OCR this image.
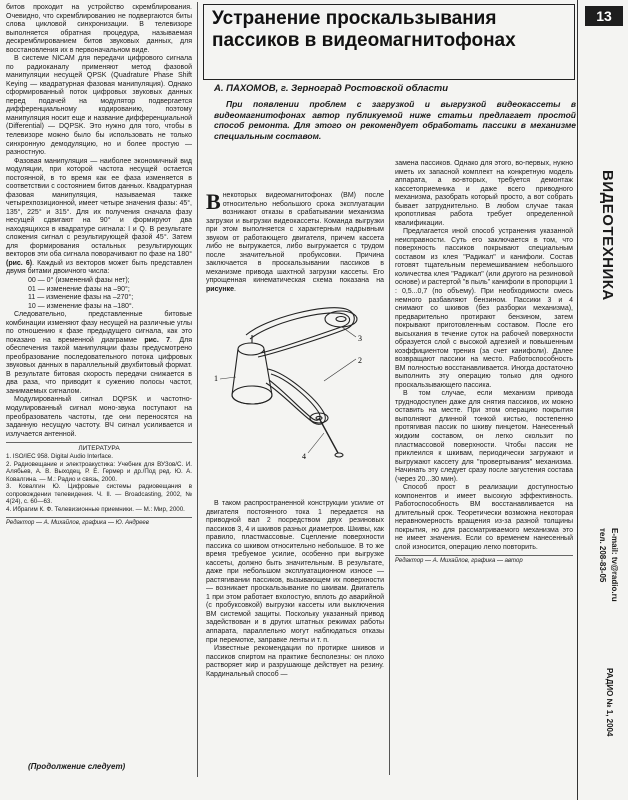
битов проходит на устройство скремблирования. Очевидно, что скремблированию не подвергаются биты слова цикловой синхронизации. В телевизоре выполняется обратная процедура, называемая дескремблированием битов звуковых данных, для восстановления их в первоначальном виде.

В системе NICAM для передачи цифрового сигнала по радиоканалу применяют метод фазовой манипуляции несущей QPSK (Quadrature Phase Shift Keying — квадратурная фазовая манипуляция). Однако сформированный поток цифровых звуковых данных перед подачей на модулятор подвергается дифференциальному кодированию, поэтому манипуляция носит еще и название дифференциальной (Differential) — DQPSK. Это нужно для того, чтобы в телевизоре можно было бы использовать не только синхронную демодуляцию, но и более простую — разностную.

Фазовая манипуляция — наиболее экономичный вид модуляции, при которой частота несущей остается постоянной, в то время как ее фаза изменяется в соответствии с состоянием битов данных. Квадратурная фазовая манипуляция, называемая также четырехпозиционной, имеет четыре значения фазы: 45°, 135°, 225° и 315°. Для их получения сначала фазу несущей сдвигают на 90° и формируют два находящихся в квадратуре сигнала: I и Q. В результате сложения сигнал с результирующей фазой 45°. Затем для формирования остальных результирующих векторов эти оба сигнала поворачивают по фазе на 180° (рис. 6). Каждый из векторов может быть представлен двумя битами двоичного числа:

00 — 0° (изменений фазы нет);

01 — изменение фазы на –90°;

11 — изменение фазы на –270°;

10 — изменение фазы на –180°.

Следовательно, представленные битовые комбинации изменяют фазу несущей на различные углы по отношению к фазе предыдущего сигнала, как это показано на временной диаграмме рис. 7. Для обеспечения такой манипуляции фазы предусмотрено преобразование последовательного потока цифровых звуковых данных в параллельный двухбитовый формат. В результате битовая скорость передачи снижается в два раза, что приводит к сужению полосы частот, занимаемых сигналом.

Модулированный сигнал DQPSK и частотно-модулированный сигнал моно-звука поступают на преобразователь частоты, где они переносятся на заданную несущую частоту. ВЧ сигнал усиливается и излучается антенной.

ЛИТЕРАТУРА

1. ISO/IEC 958. Digital Audio Interface.

2. Радиовещание и электроакустика: Учебник для ВУЗов/С. И. Алябьев, А. В. Выходец, Р. Е. Гермер и др./Под ред. Ю. А. Ковалгина. — М.: Радио и связь, 2000.

3. Ковалгин Ю. Цифровые системы радиовещания в сопровождении телевидения. Ч. II. — Broadcasting, 2002, № 4(24), с. 60—63.

4. Ибрагим К. Ф. Телевизионные приемники. — М.: Мир, 2000.

Редактор — А. Михайлов, графика — Ю. Андреев

(Продолжение следует)
Устранение проскальзывания пассиков в видеомагнитофонах
А. ПАХОМОВ, г. Зерноград Ростовской области
При появлении проблем с загрузкой и выгрузкой видеокассеты в видеомагнитофонах автор публикуемой ниже статьи предлагает простой способ ремонта. Для этого он рекомендует обработать пассики в механизме специальным составом.

Внекоторых видеомагнитофонах (ВМ) после относительно небольшого срока эксплуатации возникают отказы в срабатывании механизма загрузки и выгрузки видеокассеты. Команда выгрузки при этом выполняется с характерным надрывным звуком от работающего двигателя, причем кассета либо не выгружается, либо выгружается с трудом после значительной пробуксовки. Причина заключается в проскальзывании пассиков в механизме привода шахтной загрузки кассеты. Его упрощенная кинематическая схема показана на рисунке.

1
3
2
4

В таком распространенной конструкции усилие от двигателя постоянного тока 1 передается на приводной вал 2 посредством двух резиновых пассиков 3, 4 и шкивов разных диаметров. Шкивы, как правило, пластмассовые. Сцепление поверхности пассика со шкивом относительно небольшое. В то же время требуемое усилие, особенно при выгрузке кассеты, должно быть значительным. В результате, даже при небольшом эксплуатационном износе — растягивании пассиков, вызывающем их поверхности — возникает проскальзывание по шкивам. Двигатель 1 при этом работает вхолостую, вплоть до аварийной (с пробуксовкой) выгрузки кассеты или выключения ВМ системой защиты. Поскольку указанный привод задействован и в других штатных режимах работы аппарата, параллельно могут наблюдаться отказы при перемотке, заправке ленты и т. п.

Известные рекомендации по протирке шкивов и пассиков спиртом на практике бесполезны: он плохо растворяет жир и разрушающе действует на резину. Кардинальный способ —

замена пассиков. Однако для этого, во-первых, нужно иметь их запасной комплект на конкретную модель аппарата, а во-вторых, требуется демонтаж кассетоприемника и даже всего приводного механизма, разобрать который просто, а вот собрать бывает затруднительно. В любом случае такая кропотливая работа требует определенной квалификации.

Предлагается иной способ устранения указанной неисправности. Суть его заключается в том, что поверхность пассиков покрывают специальным составом из клея "Радикал" и канифоли. Состав готовят тщательным перемешиванием небольшого количества клея "Радикал" (или другого на резиновой основе) и растертой "в пыль" канифоли в пропорции 1 : 0,5...0,7 (по объему). При необходимости смесь немного разбавляют бензином. Пассики 3 и 4 снимают со шкивов (без разборки механизма), предварительно протирают бензином, затем покрывают приготовленным составом. После его высыхания в течение суток на рабочей поверхности образуется слой с высокой адгезией и повышенным коэффициентом трения (за счет канифоли). Далее возвращают пассики на место. Работоспособность ВМ полностью восстанавливается. Иногда достаточно выполнить эту операцию только для одного проскальзывающего пассика.

В том случае, если механизм привода труднодоступен даже для снятия пассиков, их можно оставить на месте. При этом операцию покрытия выполняют длинной тонкой кистью, постепенно протягивая пассик по шкиву пинцетом. Нанесенный жидким составом, он легко скользит по пластмассовой поверхности. Чтобы пассик не приклеился к шкивам, периодически загружают и выгружают кассету для "провертывания" механизма. Начинать эту следует сразу после загустения состава (через 20...30 мин).

Способ прост в реализации доступностью компонентов и имеет высокую эффективность. Работоспособность ВМ восстанавливается на длительный срок. Теоретически возможна некоторая неравномерность вращения из-за разной толщины покрытия, но для рассматриваемого механизма это не имеет значения. Если со временем нанесенный слой износится, операцию легко повторить.

Редактор — А. Михайлов, графика — автор

13
ВИДЕОТЕХНИКА
E-mail: tv@radio.ru
тел. 208-83-05
РАДИО № 1, 2004
